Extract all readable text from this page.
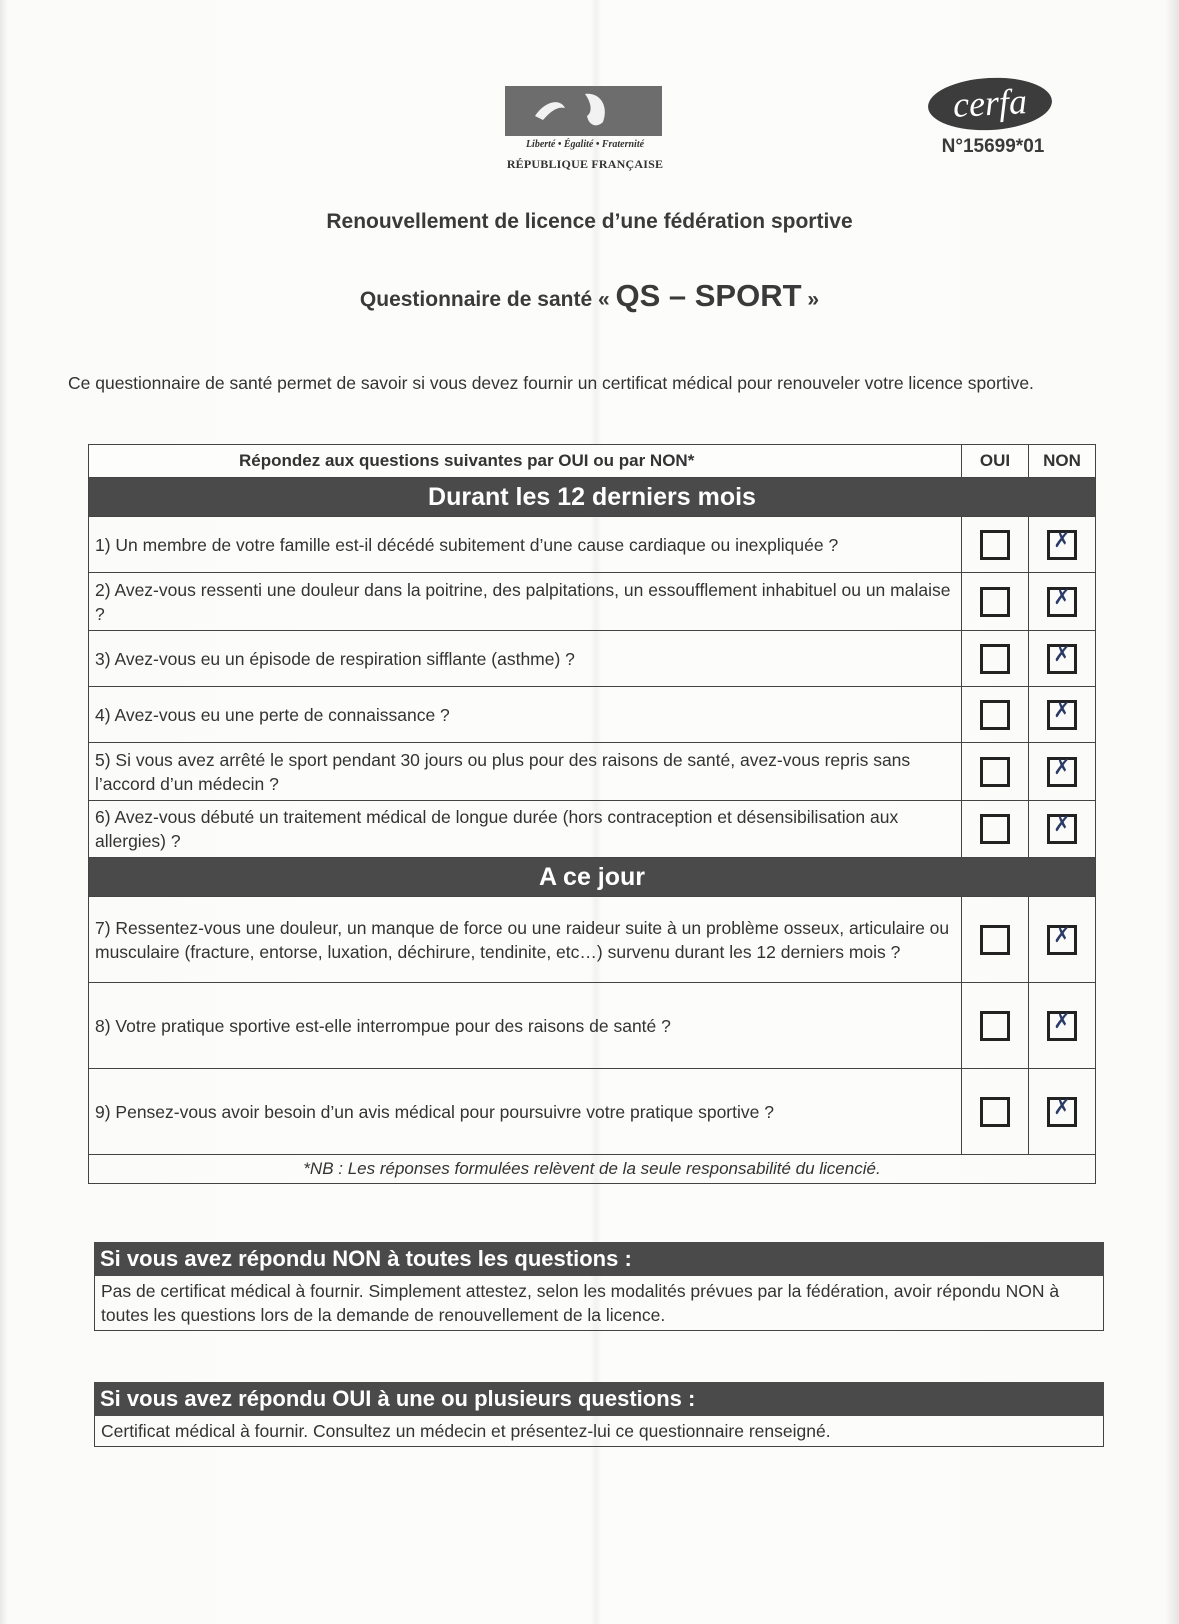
Liberté • Égalité • Fraternité
RÉPUBLIQUE FRANÇAISE
cerfa
N°15699*01
Renouvellement de licence d’une fédération sportive
Questionnaire de santé « QS – SPORT »
Ce questionnaire de santé permet de savoir si vous devez fournir un certificat médical pour renouveler votre licence sportive.
Répondez aux questions suivantes par OUI ou par NON*	OUI	NON
Durant les 12 derniers mois		
1) Un membre de votre famille est-il décédé subitement d’une cause cardiaque ou inexpliquée ?		✗

2) Avez-vous ressenti une douleur dans la poitrine, des palpitations, un essoufflement inhabituel ou un malaise ?		✗

3) Avez-vous eu un épisode de respiration sifflante (asthme) ?		✗

4) Avez-vous eu une perte de connaissance ?		✗

5) Si vous avez arrêté le sport pendant 30 jours ou plus pour des raisons de santé, avez-vous repris sans l’accord d’un médecin ?		✗

6) Avez-vous débuté un traitement médical de longue durée (hors contraception et désensibilisation aux allergies) ?		✗

A ce jour		
7) Ressentez-vous une douleur, un manque de force ou une raideur suite à un problème osseux, articulaire ou musculaire (fracture, entorse, luxation, déchirure, tendinite, etc…) survenu durant les 12 derniers mois ?		✗

8) Votre pratique sportive est-elle interrompue pour des raisons de santé ?		✗

9) Pensez-vous avoir besoin d’un avis médical pour poursuivre votre pratique sportive ?		✗

*NB : Les réponses formulées relèvent de la seule responsabilité du licencié.		
Si vous avez répondu NON à toutes les questions :
Pas de certificat médical à fournir. Simplement attestez, selon les modalités prévues par la fédération, avoir répondu NON à toutes les questions lors de la demande de renouvellement de la licence.
Si vous avez répondu OUI à une ou plusieurs questions :
Certificat médical à fournir. Consultez un médecin et présentez-lui ce questionnaire renseigné.
